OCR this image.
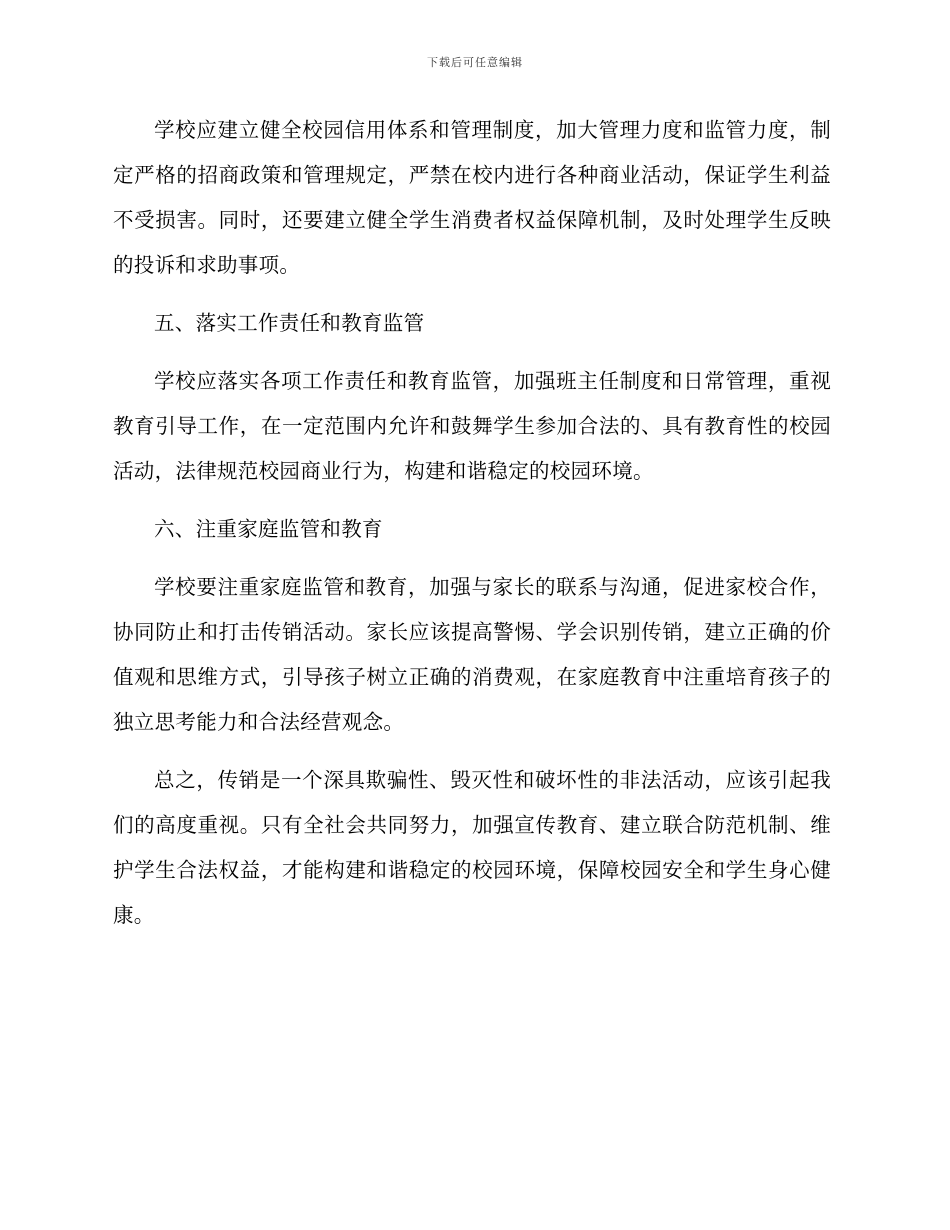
下载后可任意编辑

学校应建立健全校园信用体系和管理制度，加大管理力度和监管力度，制定严格的招商政策和管理规定，严禁在校内进行各种商业活动，保证学生利益不受损害。同时，还要建立健全学生消费者权益保障机制，及时处理学生反映的投诉和求助事项。

五、落实工作责任和教育监管

学校应落实各项工作责任和教育监管，加强班主任制度和日常管理，重视教育引导工作，在一定范围内允许和鼓舞学生参加合法的、具有教育性的校园活动，法律规范校园商业行为，构建和谐稳定的校园环境。

六、注重家庭监管和教育

学校要注重家庭监管和教育，加强与家长的联系与沟通，促进家校合作，协同防止和打击传销活动。家长应该提高警惕、学会识别传销，建立正确的价值观和思维方式，引导孩子树立正确的消费观，在家庭教育中注重培育孩子的独立思考能力和合法经营观念。

总之，传销是一个深具欺骗性、毁灭性和破坏性的非法活动，应该引起我们的高度重视。只有全社会共同努力，加强宣传教育、建立联合防范机制、维护学生合法权益，才能构建和谐稳定的校园环境，保障校园安全和学生身心健康。
